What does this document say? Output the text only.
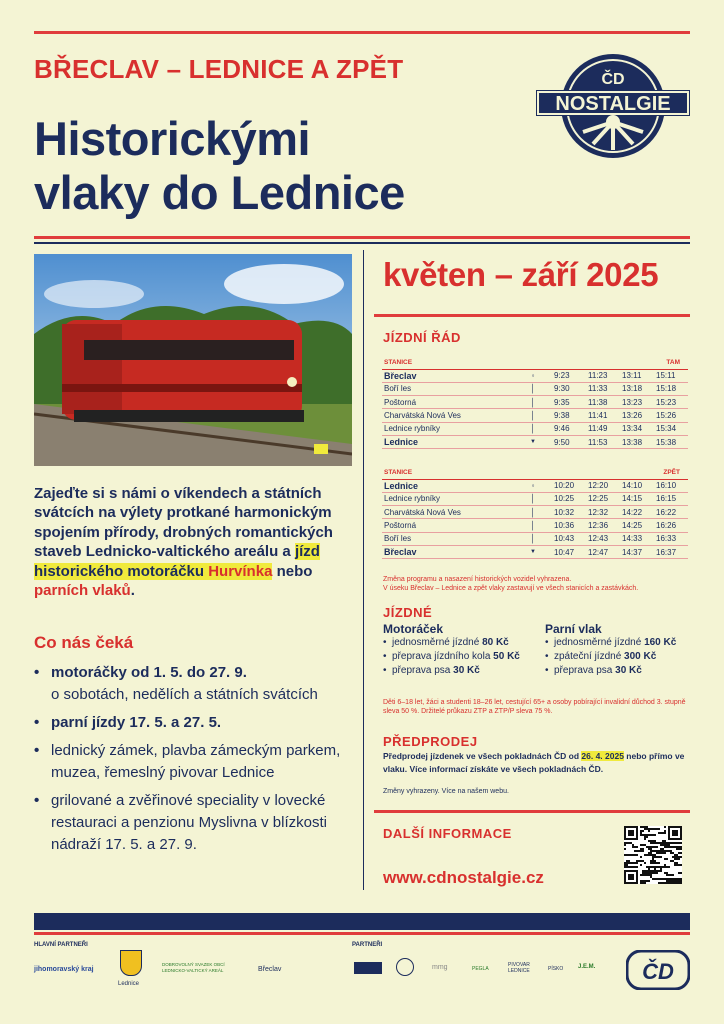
BŘECLAV – LEDNICE A ZPĚT
Historickými
vlaky do Lednice
ČD
NOSTALGIE
květen – září 2025
JÍZDNÍ ŘÁD
STANICE					TAM
Břeclav	◦	9:23	11:23	13:11	15:11
Boří les	│	9:30	11:33	13:18	15:18
Poštorná	│	9:35	11:38	13:23	15:23
Charvátská Nová Ves	│	9:38	11:41	13:26	15:26
Lednice rybníky	│	9:46	11:49	13:34	15:34
Lednice	▼	9:50	11:53	13:38	15:38
STANICE					ZPĚT
Lednice	◦	10:20	12:20	14:10	16:10
Lednice rybníky	│	10:25	12:25	14:15	16:15
Charvátská Nová Ves	│	10:32	12:32	14:22	16:22
Poštorná	│	10:36	12:36	14:25	16:26
Boří les	│	10:43	12:43	14:33	16:33
Břeclav	▼	10:47	12:47	14:37	16:37
Změna programu a nasazení historických vozidel vyhrazena.
V úseku Břeclav – Lednice a zpět vlaky zastavují ve všech stanicích a zastávkách.
Zajeďte si s námi o víkendech a státních svátcích na výlety protkané harmonickým spojením přírody, drobných romantických staveb Lednicko-valtického areálu a jízd
historického motoráčku Hurvínka nebo
parních vlaků.
Co nás čeká
• motoráčky od 1. 5. do 27. 9.
o sobotách, nedělích a státních svátcích
• parní jízdy 17. 5. a 27. 5.
• lednický zámek, plavba zámeckým parkem, muzea, řemeslný pivovar Lednice
• grilované a zvěřinové speciality v lovecké restauraci a penzionu Myslivna v blízkosti nádraží 17. 5. a 27. 9.
JÍZDNÉ
Motoráček
• jednosměrné jízdné 80 Kč
• přeprava jízdního kola 50 Kč
• přeprava psa 30 Kč
Parní vlak
• jednosměrné jízdné 160 Kč
• zpáteční jízdné 300 Kč
• přeprava psa 30 Kč
Děti 6–18 let, žáci a studenti 18–26 let, cestující 65+ a osoby pobírající invalidní důchod 3. stupně sleva 50 %. Držitelé průkazu ZTP a ZTP/P sleva 75 %.
PŘEDPRODEJ
Předprodej jízdenek ve všech pokladnách ČD od 26. 4. 2025 nebo přímo ve vlaku. Více informací získáte ve všech pokladnách ČD.
Změny vyhrazeny. Více na našem webu.
DALŠÍ INFORMACE
www.cdnostalgie.cz
HLAVNÍ PARTNEŘI	PARTNEŘI
jihomoravský kraj
Lednice
DOBROVOLNÝ SVAZEK OBCÍ LEDNICKO-VALTICKÝ AREÁL	Břeclav	mmg	PEGLA
PIVOVAR LEDNICE	PÍSKO J.E.M. ČD
